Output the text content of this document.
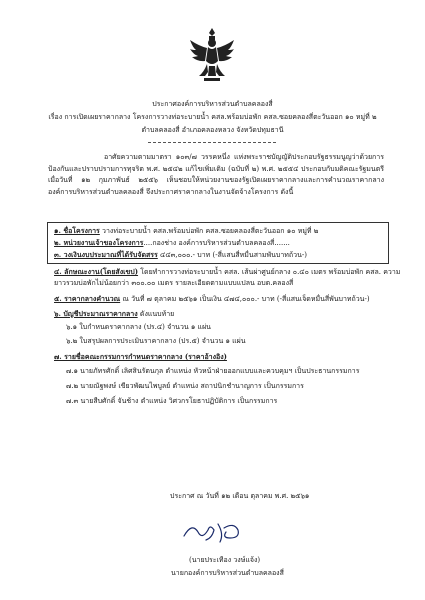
ประกาศองค์การบริหารส่วนตำบลคลองสี่
เรื่อง การเปิดเผยราคากลาง โครงการวางท่อระบายน้ำ คสล.พร้อมบ่อพัก คสล.ซอยคลองสี่ตะวันออก ๑๐ หมู่ที่ ๒
ตำบลคลองสี่ อำเภอคลองหลวง จังหวัดปทุมธานี
อาศัยความตามมาตรา ๑๐๓/๗ วรรคหนึ่ง แห่งพระราชบัญญัติประกอบรัฐธรรมนูญว่าด้วยการป้องกันและปราบปรามการทุจริต พ.ศ. ๒๕๔๒ แก้ไขเพิ่มเติม (ฉบับที่ ๒) พ.ศ. ๒๕๕๔ ประกอบกับมติคณะรัฐมนตรีเมื่อวันที่ ๑๒ กุมภาพันธ์ ๒๕๕๖ เห็นชอบให้หน่วยงานของรัฐเปิดเผยราคากลางและการคำนวณราคากลาง องค์การบริหารส่วนตำบลคลองสี่ จึงประกาศราคากลางในงานจัดจ้างโครงการ ดังนี้
๑. ชื่อโครงการ วางท่อระบายน้ำ คสล.พร้อมบ่อพัก คสล.ซอยคลองสี่ตะวันออก ๑๐ หมู่ที่ ๒
๒. หน่วยงานเจ้าของโครงการ....กองช่าง องค์การบริหารส่วนตำบลคลองสี่.......
๓. วงเงินงบประมาณที่ได้รับจัดสรร ๔๔๓,๐๐๐.- บาท (-สี่แสนสี่หมื่นสามพันบาทถ้วน-)
๔. ลักษณะงาน(โดยสังเขป) โดยทำการวางท่อระบายน้ำ คสล. เส้นผ่าศูนย์กลาง ๐.๔๐ เมตร พร้อมบ่อพัก คสล. ความ
ยาวรวมบ่อพักไม่น้อยกว่า ๓๐๐.๐๐ เมตร รายละเอียดตามแบบแปลน อบต.คลองสี่
๕. ราคากลางคำนวณ ณ วันที่ ๗ ตุลาคม ๒๕๖๑ เป็นเงิน ๔๗๔,๐๐๐.- บาท (-สี่แสนเจ็ดหมื่นสี่พันบาทถ้วน-)
๖. บัญชีประมาณราคากลาง ดังแนบท้าย
๖.๑ ใบกำหนดราคากลาง (ปร.๔) จำนวน ๑ แผ่น
๖.๒ ใบสรุปผลการประเมินราคากลาง (ปร.๕) จำนวน ๑ แผ่น
๗. รายชื่อคณะกรรมการกำหนดราคากลาง (ราคาอ้างอิง)
๗.๑ นายภัทรศักดิ์ เลิศสินรัตนกุล ตำแหน่ง หัวหน้าฝ่ายออกแบบและควบคุมฯ เป็นประธานกรรมการ
๗.๒ นายณัฐพงษ์ เขียวพัฒนไพบูลย์ ตำแหน่ง สถาปนิกชำนาญการ เป็นกรรมการ
๗.๓ นายสืบศักดิ์ จันช้าง ตำแหน่ง วิศวกรโยธาปฏิบัติการ เป็นกรรมการ
ประกาศ ณ วันที่ ๑๒ เดือน ตุลาคม พ.ศ. ๒๕๖๑
(นายประเทือง วงษ์แจ้ง)
นายกองค์การบริหารส่วนตำบลคลองสี่
